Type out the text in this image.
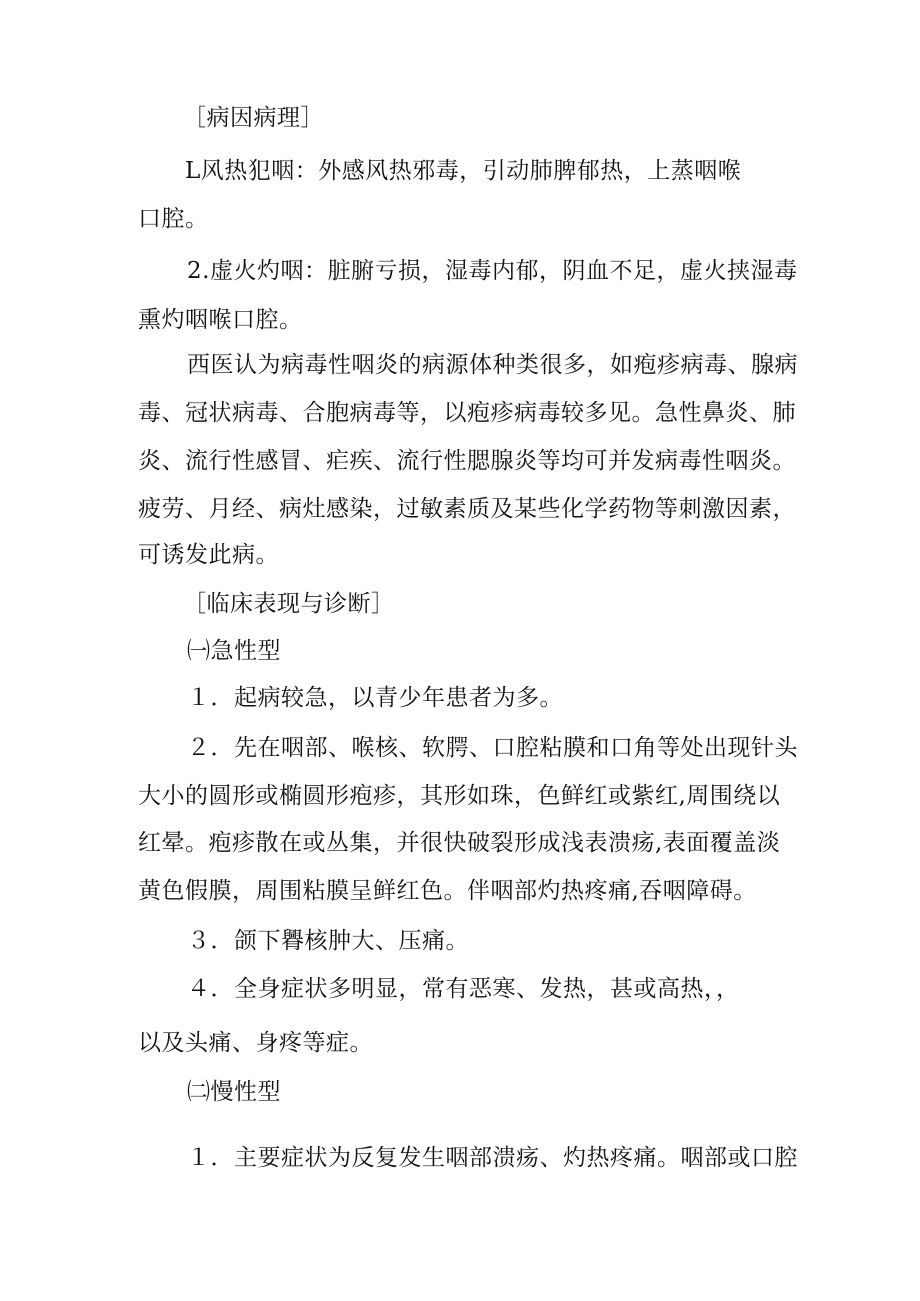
［病因病理］
L风热犯咽：外感风热邪毒，引动肺脾郁热，上蒸咽喉
口腔。
2.虚火灼咽：脏腑亏损，湿毒内郁，阴血不足，虚火挟湿毒
熏灼咽喉口腔。
西医认为病毒性咽炎的病源体种类很多，如疱疹病毒、腺病
毒、冠状病毒、合胞病毒等，以疱疹病毒较多见。急性鼻炎、肺
炎、流行性感冒、疟疾、流行性腮腺炎等均可并发病毒性咽炎。
疲劳、月经、病灶感染，过敏素质及某些化学药物等刺激因素，
可诱发此病。
［临床表现与诊断］
㈠急性型
１．起病较急，以青少年患者为多。
２．先在咽部、喉核、软腭、口腔粘膜和口角等处出现针头
大小的圆形或椭圆形疱疹，其形如珠，色鲜红或紫红,周围绕以
红晕。疱疹散在或丛集，并很快破裂形成浅表溃疡,表面覆盖淡
黄色假膜，周围粘膜呈鲜红色。伴咽部灼热疼痛,吞咽障碍。
３．颌下臖核肿大、压痛。
４．全身症状多明显，常有恶寒、发热，甚或高热，，
以及头痛、身疼等症。
㈡慢性型
１．主要症状为反复发生咽部溃疡、灼热疼痛。咽部或口腔
